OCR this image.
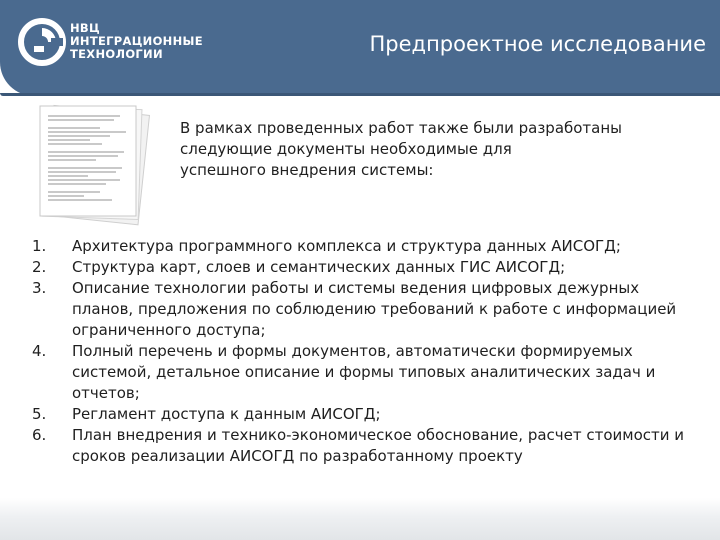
НВЦ
ИНТЕГРАЦИОННЫЕ
ТЕХНОЛОГИИ	Предпроектное исследование

В рамках проведенных работ также были разработаны

следующие документы необходимые для

успешного внедрения системы:

1. Архитектура программного комплекса и структура данных АИСОГД;
2. Структура карт, слоев и семантических данных ГИС АИСОГД;
3. Описание технологии работы и системы ведения цифровых дежурных планов, предложения по соблюдению требований к работе с информацией ограниченного доступа;
4. Полный перечень и формы документов, автоматически формируемых системой, детальное описание и формы типовых аналитических задач и отчетов;
5. Регламент доступа к данным АИСОГД;
6. План внедрения и технико-экономическое обоснование, расчет стоимости и сроков реализации АИСОГД по разработанному проекту
